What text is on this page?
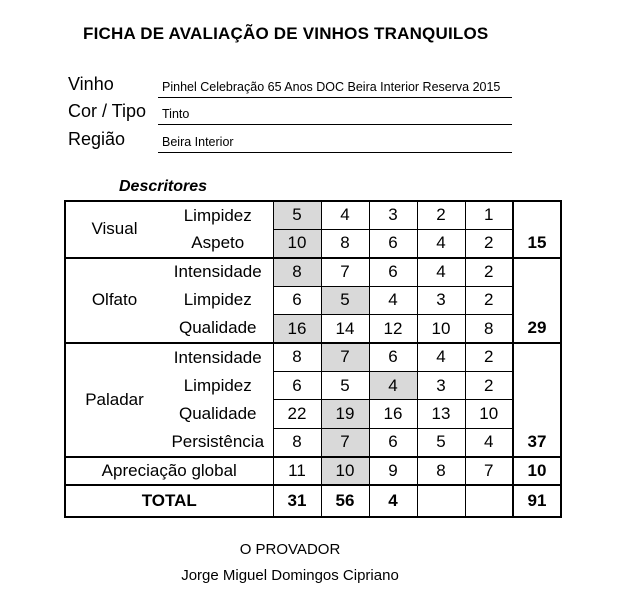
FICHA DE AVALIAÇÃO DE VINHOS TRANQUILOS
Vinho	Pinhel Celebração 65 Anos DOC Beira Interior Reserva 2015
Cor / Tipo Tinto
Região	Beira Interior
Descritores
Visual	Limpidez	5	4	3	2	1	
	Aspeto	10	8	6	4	2	15
Olfato	Intensidade	8	7	6	4	2	
	Limpidez	6	5	4	3	2	
	Qualidade	16	14	12	10	8	29
Paladar	Intensidade	8	7	6	4	2	
	Limpidez	6	5	4	3	2	
	Qualidade	22	19	16	13	10	
	Persistência	8	7	6	5	4	37
Apreciação global		11	10	9	8	7	10
TOTAL		31	56	4			91
O PROVADOR
Jorge Miguel Domingos Cipriano
